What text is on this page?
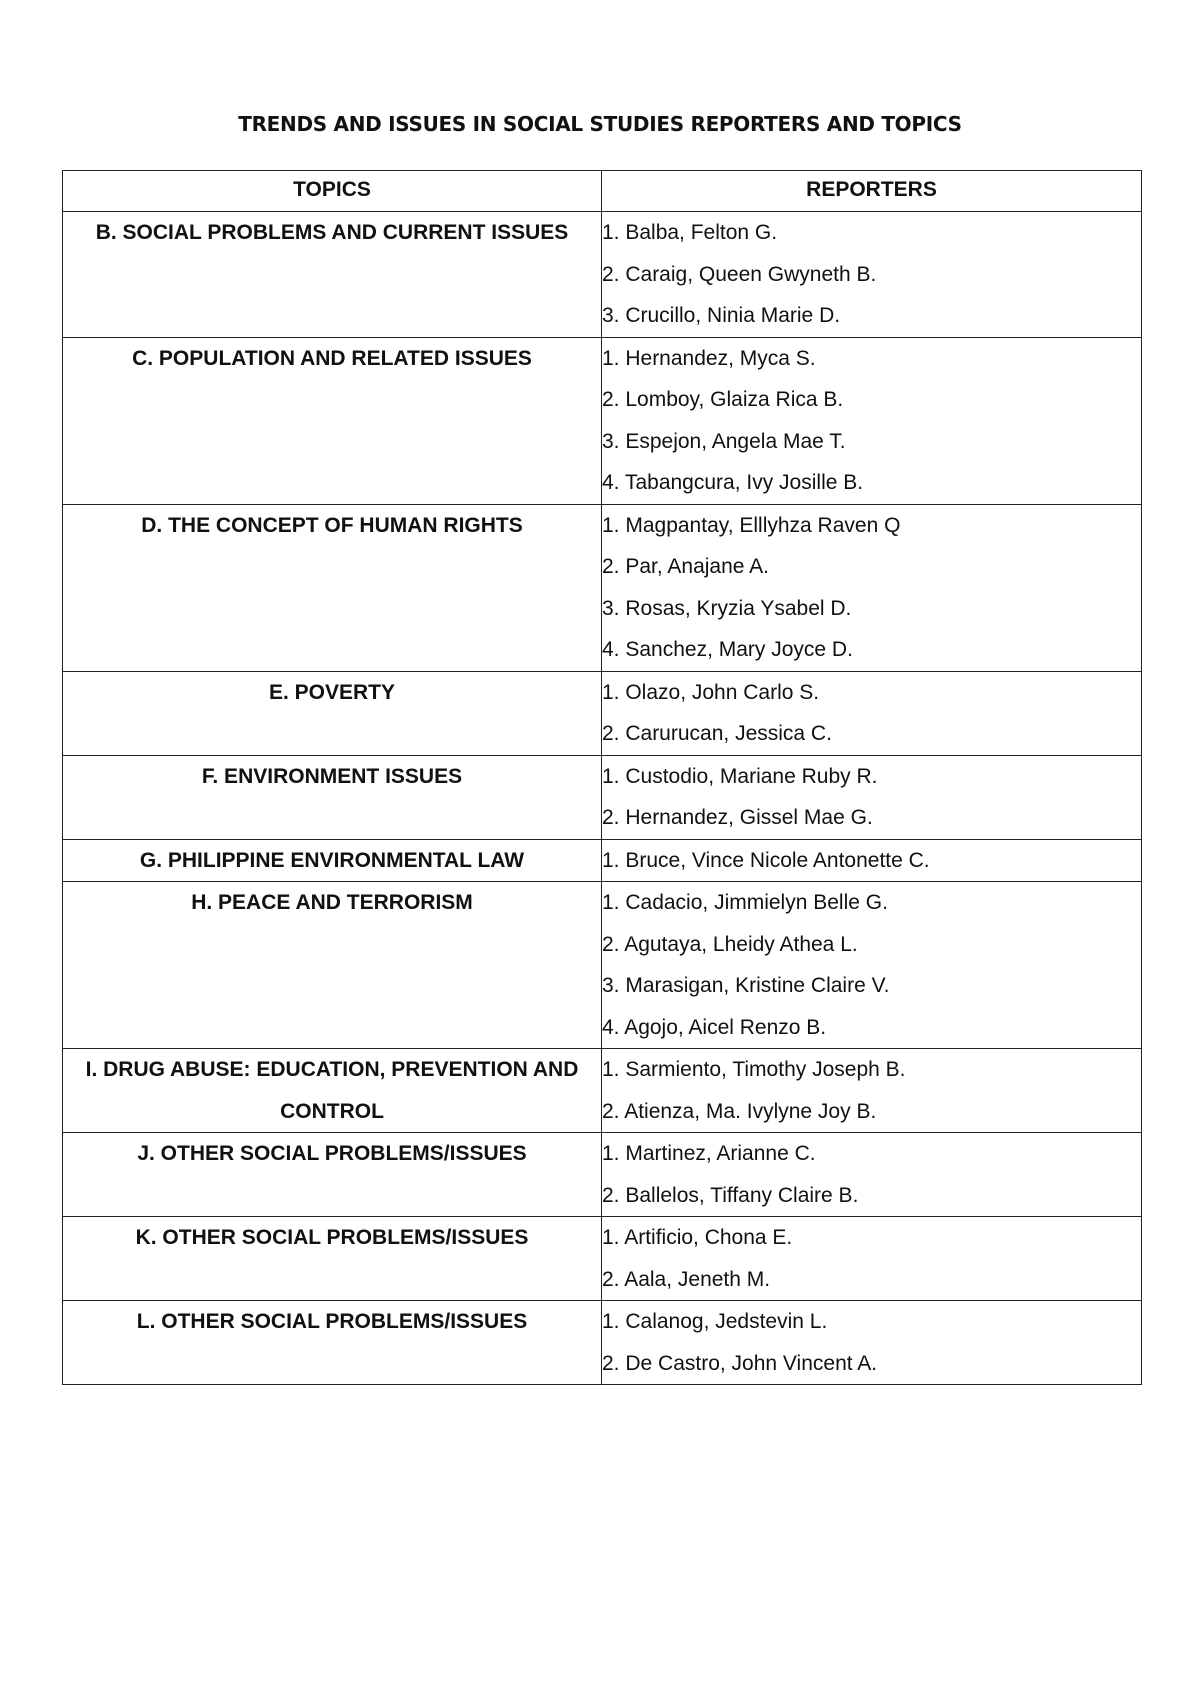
TRENDS AND ISSUES IN SOCIAL STUDIES REPORTERS AND TOPICS
TOPICS	REPORTERS

B. SOCIAL PROBLEMS AND CURRENT ISSUES	1. Balba, Felton G.
2. Caraig, Queen Gwyneth B.
3. Crucillo, Ninia Marie D.

C. POPULATION AND RELATED ISSUES	1. Hernandez, Myca S.
2. Lomboy, Glaiza Rica B.
3. Espejon, Angela Mae T.
4. Tabangcura, Ivy Josille B.

D. THE CONCEPT OF HUMAN RIGHTS	1. Magpantay, Elllyhza Raven Q
2. Par, Anajane A.
3. Rosas, Kryzia Ysabel D.
4. Sanchez, Mary Joyce D.

E. POVERTY	1. Olazo, John Carlo S.
2. Carurucan, Jessica C.

F. ENVIRONMENT ISSUES	1. Custodio, Mariane Ruby R.
2. Hernandez, Gissel Mae G.

G. PHILIPPINE ENVIRONMENTAL LAW	1. Bruce, Vince Nicole Antonette C.

H. PEACE AND TERRORISM	1. Cadacio, Jimmielyn Belle G.
2. Agutaya, Lheidy Athea L.
3. Marasigan, Kristine Claire V.
4. Agojo, Aicel Renzo B.

I. DRUG ABUSE: EDUCATION, PREVENTION AND CONTROL	1. Sarmiento, Timothy Joseph B.
2. Atienza, Ma. Ivylyne Joy B.

J. OTHER SOCIAL PROBLEMS/ISSUES	1. Martinez, Arianne C.
2. Ballelos, Tiffany Claire B.

K. OTHER SOCIAL PROBLEMS/ISSUES	1. Artificio, Chona E.
2. Aala, Jeneth M.

L. OTHER SOCIAL PROBLEMS/ISSUES	1. Calanog, Jedstevin L.
2. De Castro, John Vincent A.
